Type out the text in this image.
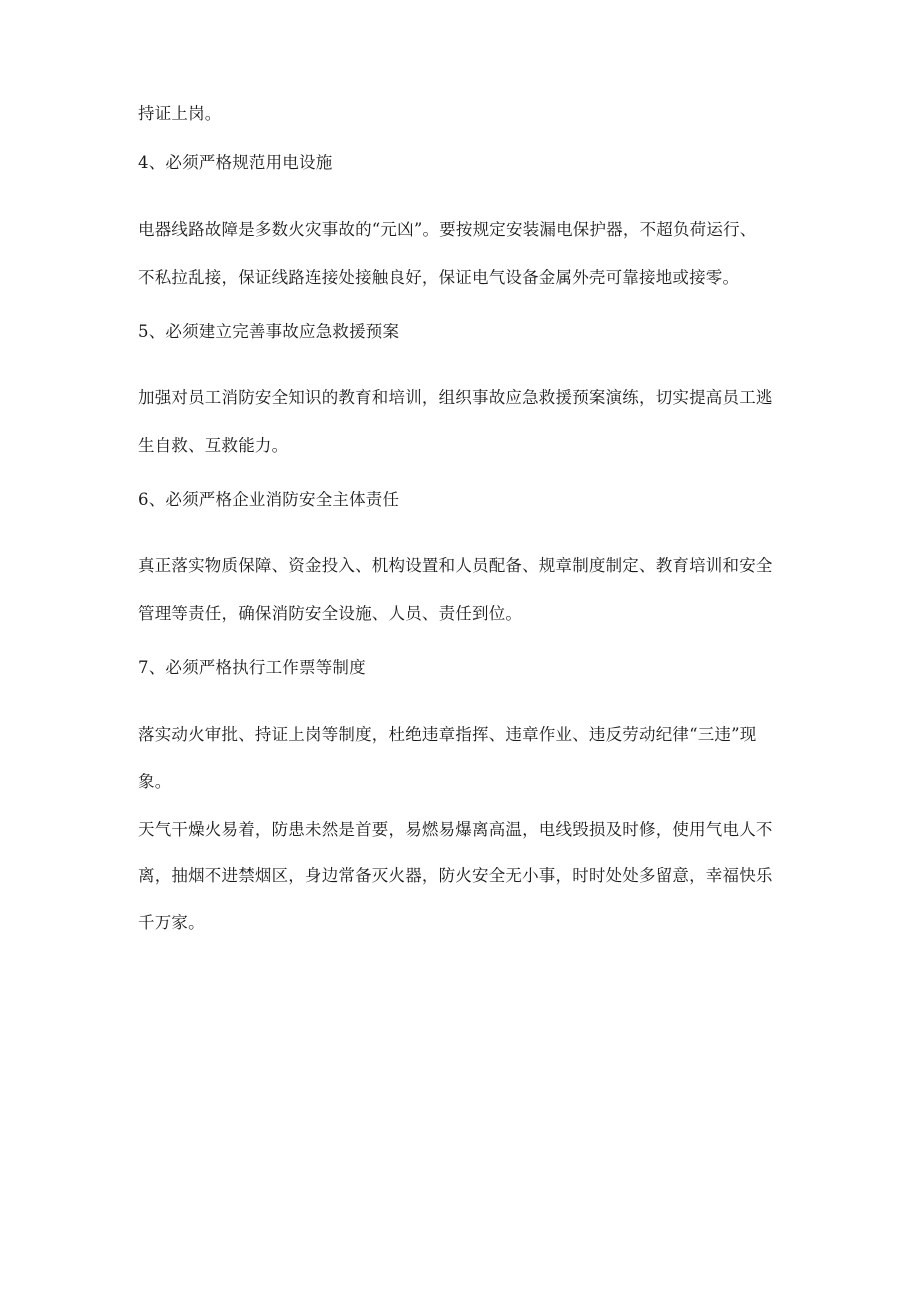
持证上岗。
4、必须严格规范用电设施
电器线路故障是多数火灾事故的“元凶”。要按规定安装漏电保护器，不超负荷运行、
不私拉乱接，保证线路连接处接触良好，保证电气设备金属外壳可靠接地或接零。
5、必须建立完善事故应急救援预案
加强对员工消防安全知识的教育和培训，组织事故应急救援预案演练，切实提高员工逃
生自救、互救能力。
6、必须严格企业消防安全主体责任
真正落实物质保障、资金投入、机构设置和人员配备、规章制度制定、教育培训和安全
管理等责任，确保消防安全设施、人员、责任到位。
7、必须严格执行工作票等制度
落实动火审批、持证上岗等制度，杜绝违章指挥、违章作业、违反劳动纪律“三违”现
象。
天气干燥火易着，防患未然是首要，易燃易爆离高温，电线毁损及时修，使用气电人不
离，抽烟不进禁烟区，身边常备灭火器，防火安全无小事，时时处处多留意，幸福快乐
千万家。
